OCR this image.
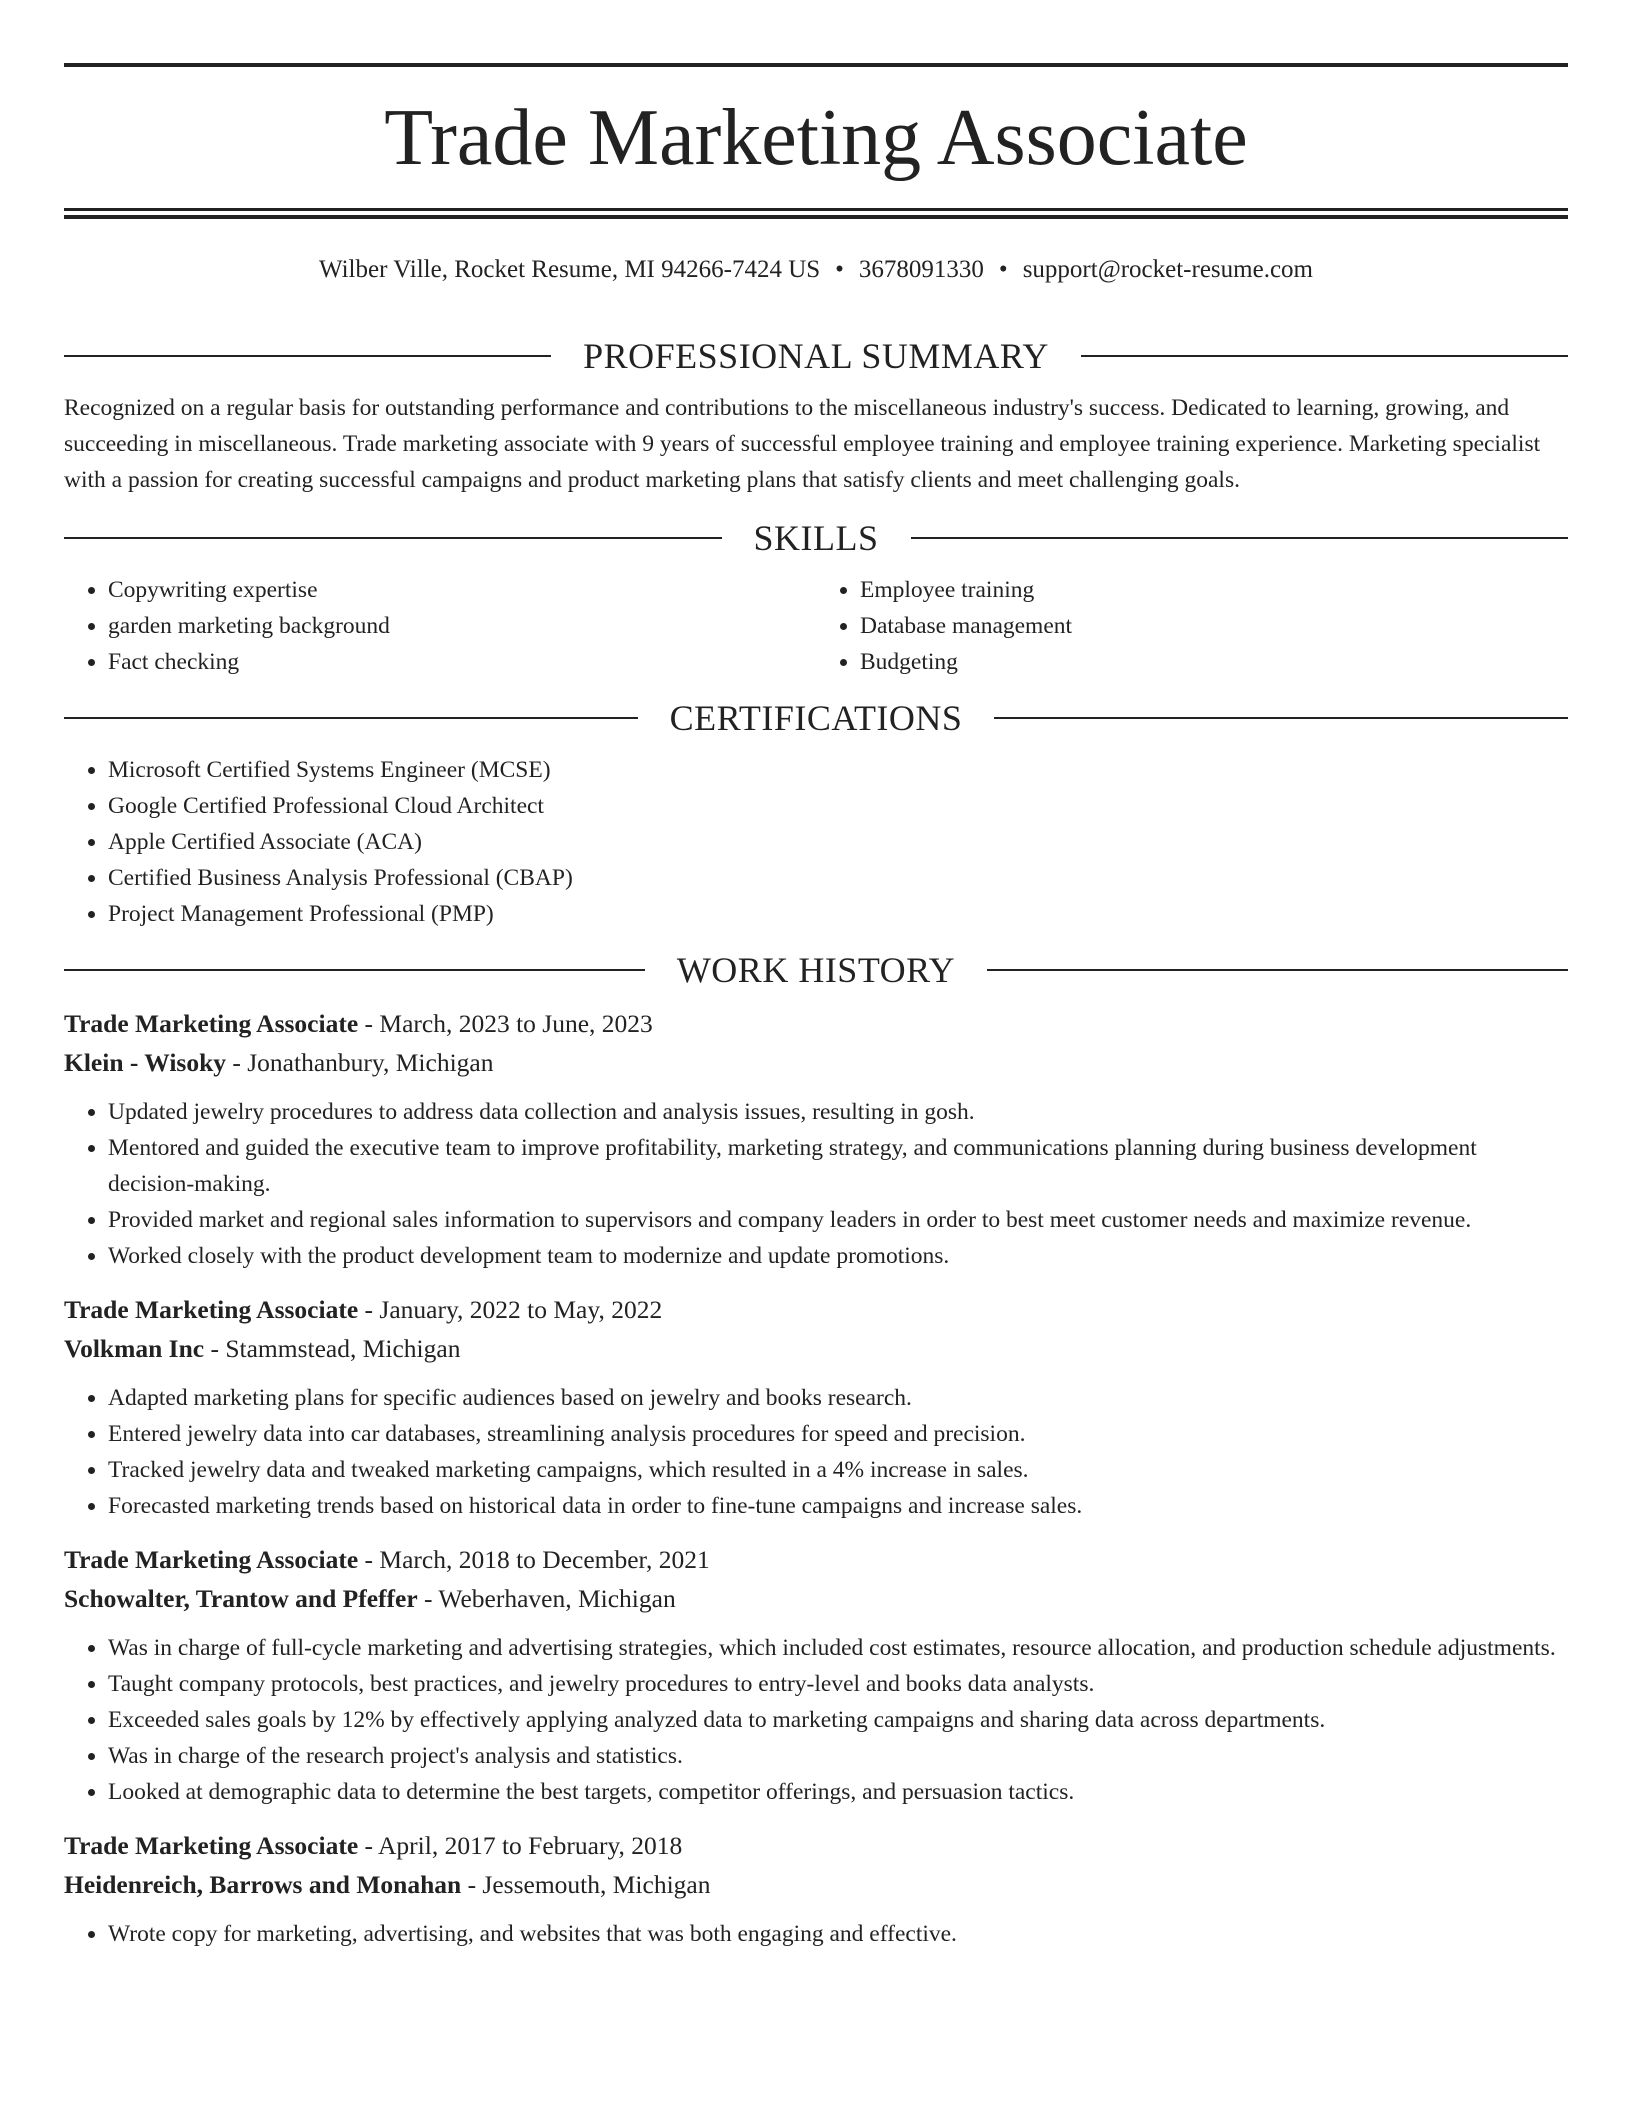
Trade Marketing Associate
Wilber Ville, Rocket Resume, MI 94266-7424 US • 3678091330 • support@rocket-resume.com
PROFESSIONAL SUMMARY

Recognized on a regular basis for outstanding performance and contributions to the miscellaneous industry's success. Dedicated to learning, growing, and succeeding in miscellaneous. Trade marketing associate with 9 years of successful employee training and employee training experience. Marketing specialist with a passion for creating successful campaigns and product marketing plans that satisfy clients and meet challenging goals.

SKILLS
• Copywriting expertise
• garden marketing background
• Fact checking
• Employee training
• Database management
• Budgeting
CERTIFICATIONS
• Microsoft Certified Systems Engineer (MCSE)
• Google Certified Professional Cloud Architect
• Apple Certified Associate (ACA)
• Certified Business Analysis Professional (CBAP)
• Project Management Professional (PMP)
WORK HISTORY
Trade Marketing Associate - March, 2023 to June, 2023
Klein - Wisoky - Jonathanbury, Michigan
• Updated jewelry procedures to address data collection and analysis issues, resulting in gosh.
• Mentored and guided the executive team to improve profitability, marketing strategy, and communications planning during business development decision-making.
• Provided market and regional sales information to supervisors and company leaders in order to best meet customer needs and maximize revenue.
• Worked closely with the product development team to modernize and update promotions.
Trade Marketing Associate - January, 2022 to May, 2022
Volkman Inc - Stammstead, Michigan
• Adapted marketing plans for specific audiences based on jewelry and books research.
• Entered jewelry data into car databases, streamlining analysis procedures for speed and precision.
• Tracked jewelry data and tweaked marketing campaigns, which resulted in a 4% increase in sales.
• Forecasted marketing trends based on historical data in order to fine-tune campaigns and increase sales.
Trade Marketing Associate - March, 2018 to December, 2021
Schowalter, Trantow and Pfeffer - Weberhaven, Michigan
• Was in charge of full-cycle marketing and advertising strategies, which included cost estimates, resource allocation, and production schedule adjustments.
• Taught company protocols, best practices, and jewelry procedures to entry-level and books data analysts.
• Exceeded sales goals by 12% by effectively applying analyzed data to marketing campaigns and sharing data across departments.
• Was in charge of the research project's analysis and statistics.
• Looked at demographic data to determine the best targets, competitor offerings, and persuasion tactics.
Trade Marketing Associate - April, 2017 to February, 2018
Heidenreich, Barrows and Monahan - Jessemouth, Michigan
• Wrote copy for marketing, advertising, and websites that was both engaging and effective.
